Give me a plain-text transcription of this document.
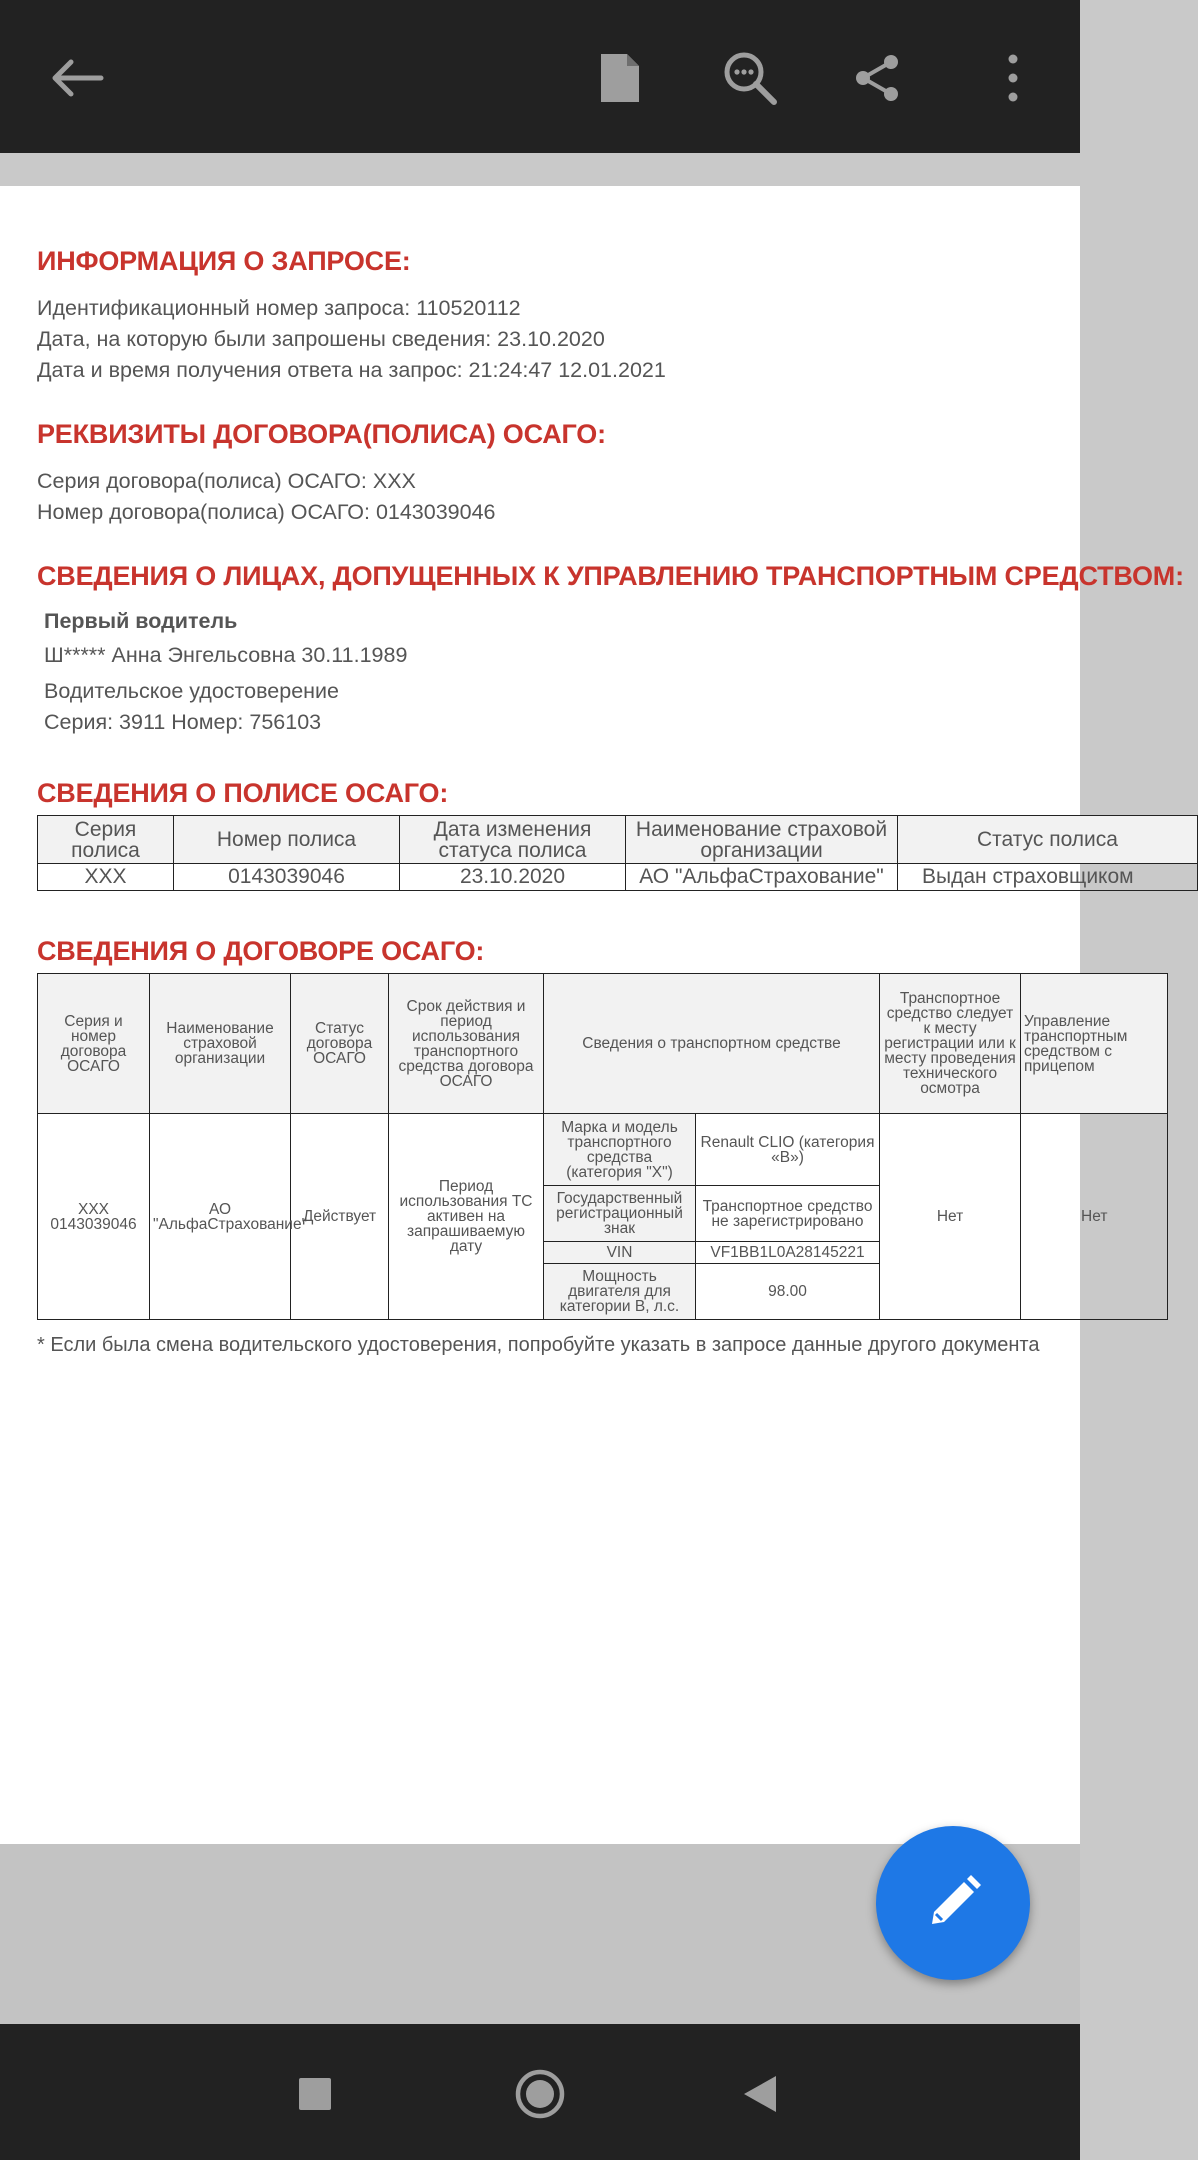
ИНФОРМАЦИЯ О ЗАПРОСЕ:

Идентификационный номер запроса: 110520112

Дата, на которую были запрошены сведения: 23.10.2020

Дата и время получения ответа на запрос: 21:24:47 12.01.2021

РЕКВИЗИТЫ ДОГОВОРА(ПОЛИСА) ОСАГО:

Серия договора(полиса) ОСАГО: XXX

Номер договора(полиса) ОСАГО: 0143039046

СВЕДЕНИЯ О ЛИЦАХ, ДОПУЩЕННЫХ К УПРАВЛЕНИЮ ТРАНСПОРТНЫМ СРЕДСТВОМ:

Первый водитель

Ш***** Анна Энгельсовна 30.11.1989

Водительское удостоверение

Серия: 3911 Номер: 756103

СВЕДЕНИЯ О ПОЛИСЕ ОСАГО:
Серия полиса	Номер полиса	Дата изменения статуса полиса	Наименование страховой организации	Статус полиса
XXX	0143039046	23.10.2020	АО "АльфаСтрахование"	Выдан страховщиком
СВЕДЕНИЯ О ДОГОВОРЕ ОСАГО:
Серия и номер договора ОСАГО	Наименование страховой организации	Статус договора ОСАГО	Срок действия и период использования транспортного средства договора ОСАГО	Сведения о транспортном средстве		Транспортное средство следует к месту регистрации или к месту проведения технического осмотра	Управление транспортным средством с прицепом
XXX 0143039046	АО "АльфаСтрахование"	Действует	Период использования ТС активен на запрашиваемую дату	Марка и модель транспортного средства (категория "X")	Renault CLIO (категория «B»)	Нет	Нет
				Государственный регистрационный знак	Транспортное средство не зарегистрировано		
				VIN	VF1BB1L0A28145221		
				Мощность двигателя для категории B, л.с.	98.00		

* Если была смена водительского удостоверения, попробуйте указать в запросе данные другого документа
